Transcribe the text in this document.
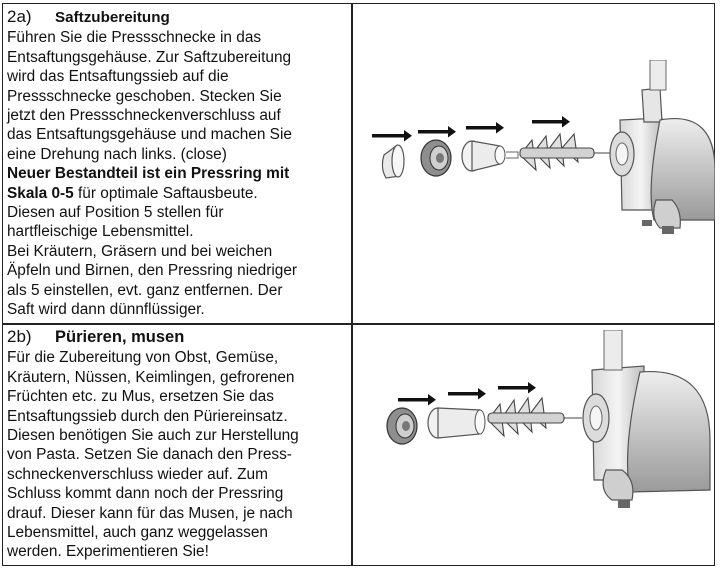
2a)	Saftzubereitung
Führen Sie die Pressschnecke in das
Entsaftungsgehäuse. Zur Saftzubereitung
wird das Entsaftungssieb auf die
Pressschnecke geschoben. Stecken Sie
jetzt den Pressschneckenverschluss auf
das Entsaftungsgehäuse und machen Sie
eine Drehung nach links. (close)
Neuer Bestandteil ist ein Pressring mit
Skala 0-5 für optimale Saftausbeute.
Diesen auf Position 5 stellen für
hartfleischige Lebensmittel.
Bei Kräutern, Gräsern und bei weichen
Äpfeln und Birnen, den Pressring niedriger
als 5 einstellen, evt. ganz entfernen. Der
Saft wird dann dünnflüssiger.
2b)	Pürieren, musen
Für die Zubereitung von Obst, Gemüse,
Kräutern, Nüssen, Keimlingen, gefrorenen
Früchten etc. zu Mus, ersetzen Sie das
Entsaftungssieb durch den Püriereinsatz.
Diesen benötigen Sie auch zur Herstellung
von Pasta. Setzen Sie danach den Press-
schneckenverschluss wieder auf. Zum
Schluss kommt dann noch der Pressring
drauf. Dieser kann für das Musen, je nach
Lebensmittel, auch ganz weggelassen
werden. Experimentieren Sie!
